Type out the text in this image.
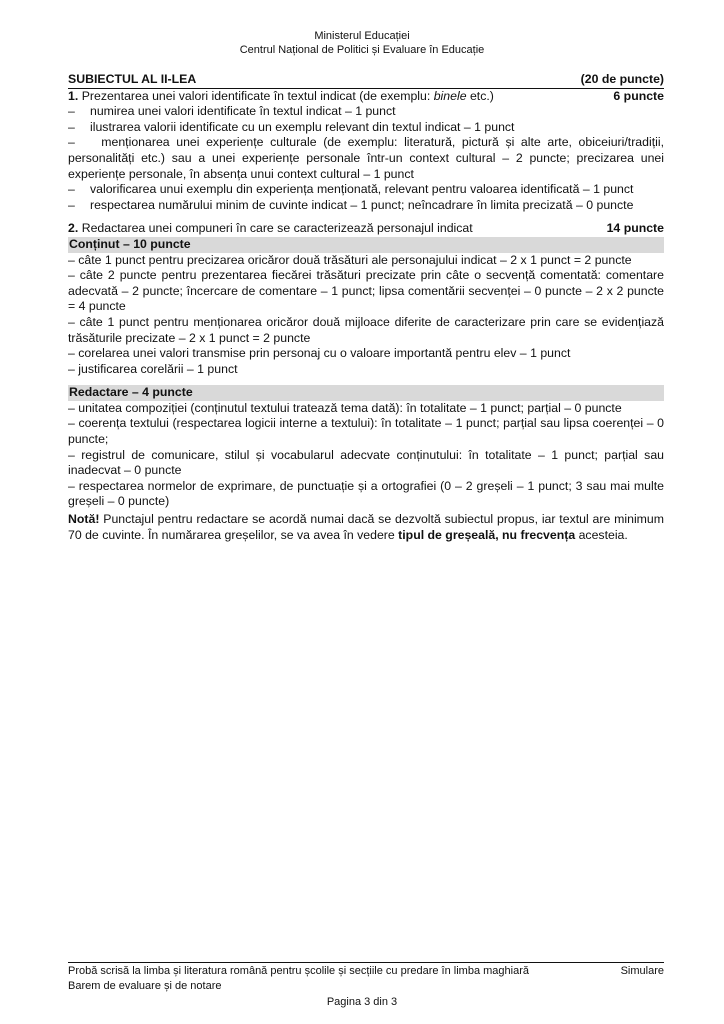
Ministerul Educației
Centrul Național de Politici și Evaluare în Educație
SUBIECTUL AL II-LEA	(20 de puncte)
1. Prezentarea unei valori identificate în textul indicat (de exemplu: binele etc.)	6 puncte
–	numirea unei valori identificate în textul indicat – 1 punct
–	ilustrarea valorii identificate cu un exemplu relevant din textul indicat – 1 punct
–    menționarea unei experiențe culturale (de exemplu: literatură, pictură și alte arte, obiceiuri/tradiții, personalități etc.) sau a unei experiențe personale într-un context cultural – 2 puncte; precizarea unei experiențe personale, în absența unui context cultural – 1 punct
–	valorificarea unui exemplu din experiența menționată, relevant pentru valoarea identificată – 1 punct
–	respectarea numărului minim de cuvinte indicat – 1 punct; neîncadrare în limita precizată – 0 puncte
2. Redactarea unei compuneri în care se caracterizează personajul indicat	14 puncte
Conținut – 10 puncte
– câte 1 punct pentru precizarea oricăror două trăsături ale personajului indicat – 2 x 1 punct = 2 puncte
– câte 2 puncte pentru prezentarea fiecărei trăsături precizate prin câte o secvență comentată: comentare adecvată – 2 puncte; încercare de comentare – 1 punct; lipsa comentării secvenței – 0 puncte – 2 x 2 puncte = 4 puncte
– câte 1 punct pentru menționarea oricăror două mijloace diferite de caracterizare prin care se evidențiază trăsăturile precizate – 2 x 1 punct = 2 puncte
– corelarea unei valori transmise prin personaj cu o valoare importantă pentru elev – 1 punct
– justificarea corelării – 1 punct
Redactare – 4 puncte
– unitatea compoziției (conținutul textului tratează tema dată): în totalitate – 1 punct; parțial – 0 puncte
– coerența textului (respectarea logicii interne a textului): în totalitate – 1 punct; parțial sau lipsa coerenței – 0 puncte;
– registrul de comunicare, stilul și vocabularul adecvate conținutului: în totalitate – 1 punct; parțial sau inadecvat – 0 puncte
– respectarea normelor de exprimare, de punctuație și a ortografiei (0 – 2 greșeli – 1 punct; 3 sau mai multe greșeli – 0 puncte)
Notă! Punctajul pentru redactare se acordă numai dacă se dezvoltă subiectul propus, iar textul are minimum 70 de cuvinte. În numărarea greșelilor, se va avea în vedere tipul de greșeală, nu frecvența acesteia.
Probă scrisă la limba și literatura română pentru școlile și secțiile cu predare în limba maghiară	Simulare
Barem de evaluare și de notare
Pagina 3 din 3
